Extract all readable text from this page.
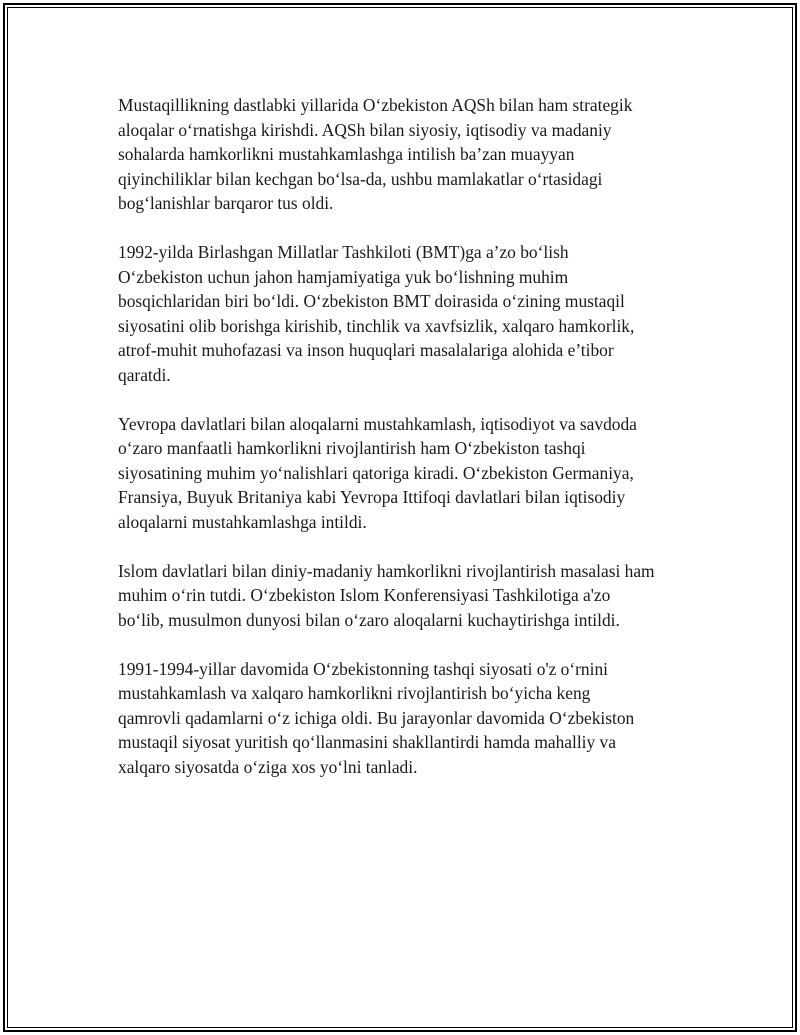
Mustaqillikning dastlabki yillarida O‘zbekiston AQSh bilan ham strategik
aloqalar o‘rnatishga kirishdi. AQSh bilan siyosiy, iqtisodiy va madaniy
sohalarda hamkorlikni mustahkamlashga intilish ba’zan muayyan
qiyinchiliklar bilan kechgan bo‘lsa-da, ushbu mamlakatlar o‘rtasidagi
bog‘lanishlar barqaror tus oldi.

1992-yilda Birlashgan Millatlar Tashkiloti (BMT)ga a’zo bo‘lish
O‘zbekiston uchun jahon hamjamiyatiga yuk bo‘lishning muhim
bosqichlaridan biri bo‘ldi. O‘zbekiston BMT doirasida o‘zining mustaqil
siyosatini olib borishga kirishib, tinchlik va xavfsizlik, xalqaro hamkorlik,
atrof-muhit muhofazasi va inson huquqlari masalalariga alohida e’tibor
qaratdi.

Yevropa davlatlari bilan aloqalarni mustahkamlash, iqtisodiyot va savdoda
o‘zaro manfaatli hamkorlikni rivojlantirish ham O‘zbekiston tashqi
siyosatining muhim yo‘nalishlari qatoriga kiradi. O‘zbekiston Germaniya,
Fransiya, Buyuk Britaniya kabi Yevropa Ittifoqi davlatlari bilan iqtisodiy
aloqalarni mustahkamlashga intildi.

Islom davlatlari bilan diniy-madaniy hamkorlikni rivojlantirish masalasi ham
muhim o‘rin tutdi. O‘zbekiston Islom Konferensiyasi Tashkilotiga a'zo
bo‘lib, musulmon dunyosi bilan o‘zaro aloqalarni kuchaytirishga intildi.

1991-1994-yillar davomida O‘zbekistonning tashqi siyosati o'z o‘rnini
mustahkamlash va xalqaro hamkorlikni rivojlantirish bo‘yicha keng
qamrovli qadamlarni o‘z ichiga oldi. Bu jarayonlar davomida O‘zbekiston
mustaqil siyosat yuritish qo‘llanmasini shakllantirdi hamda mahalliy va
xalqaro siyosatda o‘ziga xos yo‘lni tanladi.
